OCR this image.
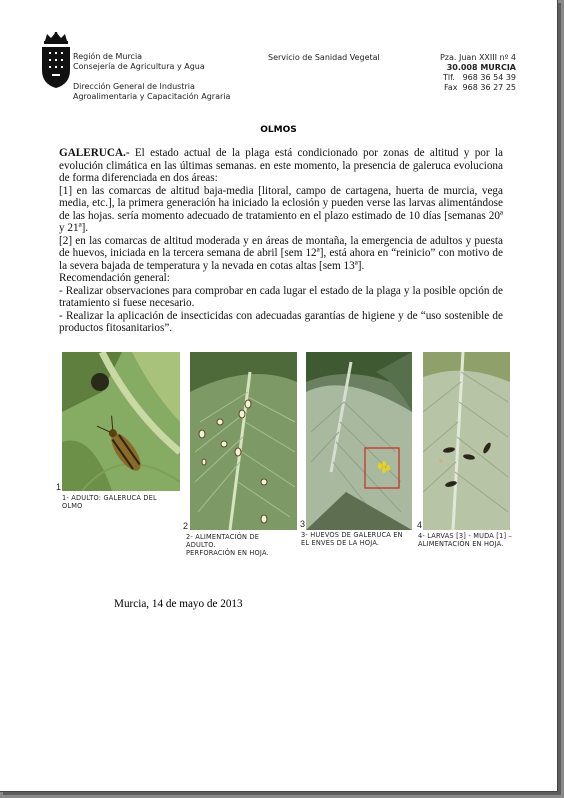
Región de Murcia
Consejería de Agricultura y Agua
Dirección General de Industria
Agroalimentaria y Capacitación Agraria
Servicio de Sanidad Vegetal	Pza. Juan XXIII nº 4
30.008 MURCIA
Tlf.   968 36 54 39
Fax  968 36 27 25
OLMOS

GALERUCA.- El estado actual de la plaga está condicionado por zonas de altitud y por la evolución climática en las últimas semanas. en este momento, la presencia de galeruca evoluciona de forma diferenciada en dos áreas:

[1] en las comarcas de altitud baja-media [litoral, campo de cartagena, huerta de murcia, vega media, etc.], la primera generación ha iniciado la eclosión y pueden verse las larvas alimentándose de las hojas. sería momento adecuado de tratamiento en el plazo estimado de 10 días [semanas 20ª y 21ª].

[2] en las comarcas de altitud moderada y en áreas de montaña, la emergencia de adultos y puesta de huevos, iniciada en la tercera semana de abril [sem 12ª], está ahora en “reinicio” con motivo de la severa bajada de temperatura y la nevada en cotas altas [sem 13ª].

Recomendación general:

- Realizar observaciones para comprobar en cada lugar el estado de la plaga y la posible opción de tratamiento si fuese necesario.

- Realizar la aplicación de insecticidas con adecuadas garantías de higiene y de “uso sostenible de productos fitosanitarios”.

1
1- ADULTO: GALERUCA DEL
OLMO
2
2- ALIMENTACIÓN DE
ADULTO.
PERFORACIÓN EN HOJA.
3
3- HUEVOS DE GALERUCA EN
EL ENVÉS DE LA HOJA.
4
4- LARVAS [3] - MUDA [1] –
ALIMENTACIÓN EN HOJA.
Murcia, 14 de mayo de 2013
